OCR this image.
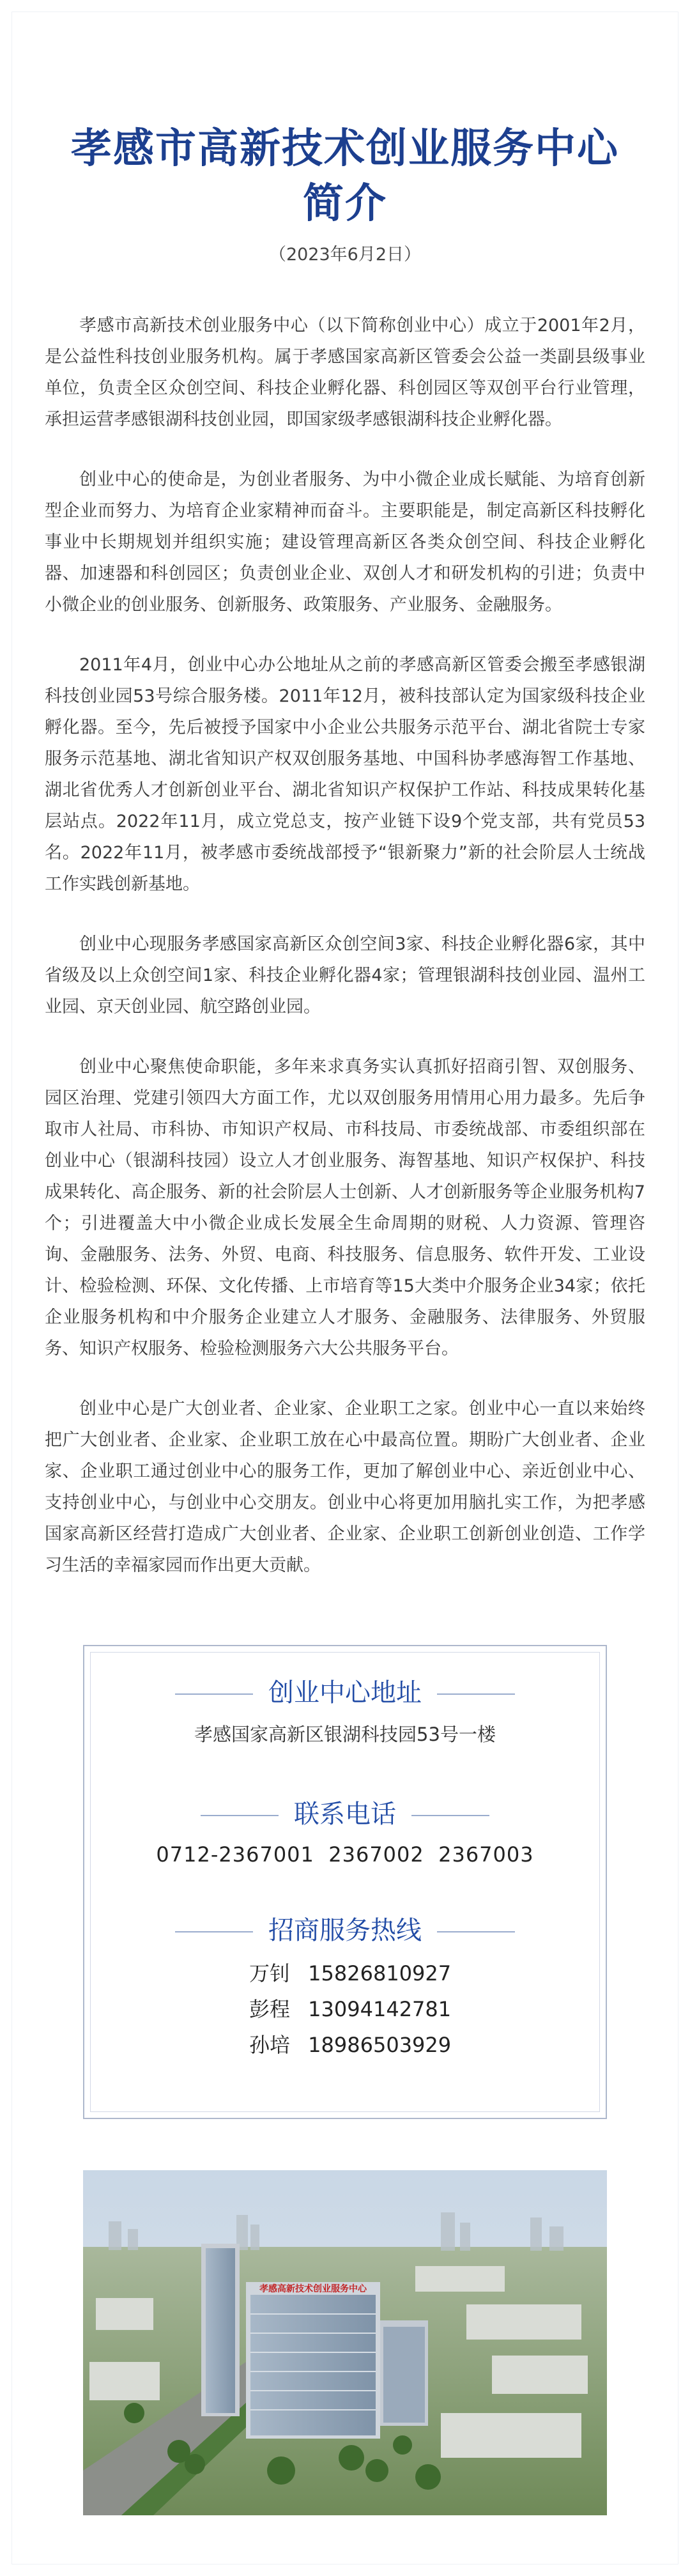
孝感市高新技术创业服务中心
简介
（2023年6月2日）

孝感市高新技术创业服务中心（以下简称创业中心）成立于2001年2月，是公益性科技创业服务机构。属于孝感国家高新区管委会公益一类副县级事业单位，负责全区众创空间、科技企业孵化器、科创园区等双创平台行业管理，承担运营孝感银湖科技创业园，即国家级孝感银湖科技企业孵化器。

创业中心的使命是，为创业者服务、为中小微企业成长赋能、为培育创新型企业而努力、为培育企业家精神而奋斗。主要职能是，制定高新区科技孵化事业中长期规划并组织实施；建设管理高新区各类众创空间、科技企业孵化器、加速器和科创园区；负责创业企业、双创人才和研发机构的引进；负责中小微企业的创业服务、创新服务、政策服务、产业服务、金融服务。

2011年4月，创业中心办公地址从之前的孝感高新区管委会搬至孝感银湖科技创业园53号综合服务楼。2011年12月，被科技部认定为国家级科技企业孵化器。至今，先后被授予国家中小企业公共服务示范平台、湖北省院士专家服务示范基地、湖北省知识产权双创服务基地、中国科协孝感海智工作基地、湖北省优秀人才创新创业平台、湖北省知识产权保护工作站、科技成果转化基层站点。2022年11月，成立党总支，按产业链下设9个党支部，共有党员53名。2022年11月，被孝感市委统战部授予“银新聚力”新的社会阶层人士统战工作实践创新基地。

创业中心现服务孝感国家高新区众创空间3家、科技企业孵化器6家，其中省级及以上众创空间1家、科技企业孵化器4家；管理银湖科技创业园、温州工业园、京天创业园、航空路创业园。

创业中心聚焦使命职能，多年来求真务实认真抓好招商引智、双创服务、园区治理、党建引领四大方面工作，尤以双创服务用情用心用力最多。先后争取市人社局、市科协、市知识产权局、市科技局、市委统战部、市委组织部在创业中心（银湖科技园）设立人才创业服务、海智基地、知识产权保护、科技成果转化、高企服务、新的社会阶层人士创新、人才创新服务等企业服务机构7个；引进覆盖大中小微企业成长发展全生命周期的财税、人力资源、管理咨询、金融服务、法务、外贸、电商、科技服务、信息服务、软件开发、工业设计、检验检测、环保、文化传播、上市培育等15大类中介服务企业34家；依托企业服务机构和中介服务企业建立人才服务、金融服务、法律服务、外贸服务、知识产权服务、检验检测服务六大公共服务平台。

创业中心是广大创业者、企业家、企业职工之家。创业中心一直以来始终把广大创业者、企业家、企业职工放在心中最高位置。期盼广大创业者、企业家、企业职工通过创业中心的服务工作，更加了解创业中心、亲近创业中心、支持创业中心，与创业中心交朋友。创业中心将更加用脑扎实工作，为把孝感国家高新区经营打造成广大创业者、企业家、企业职工创新创业创造、工作学习生活的幸福家园而作出更大贡献。

创业中心地址
孝感国家高新区银湖科技园53号一楼
联系电话
0712-2367001  2367002  2367003
招商服务热线
万钊 15826810927
彭程 13094142781
孙培 18986503929
孝感高新技术创业服务中心
